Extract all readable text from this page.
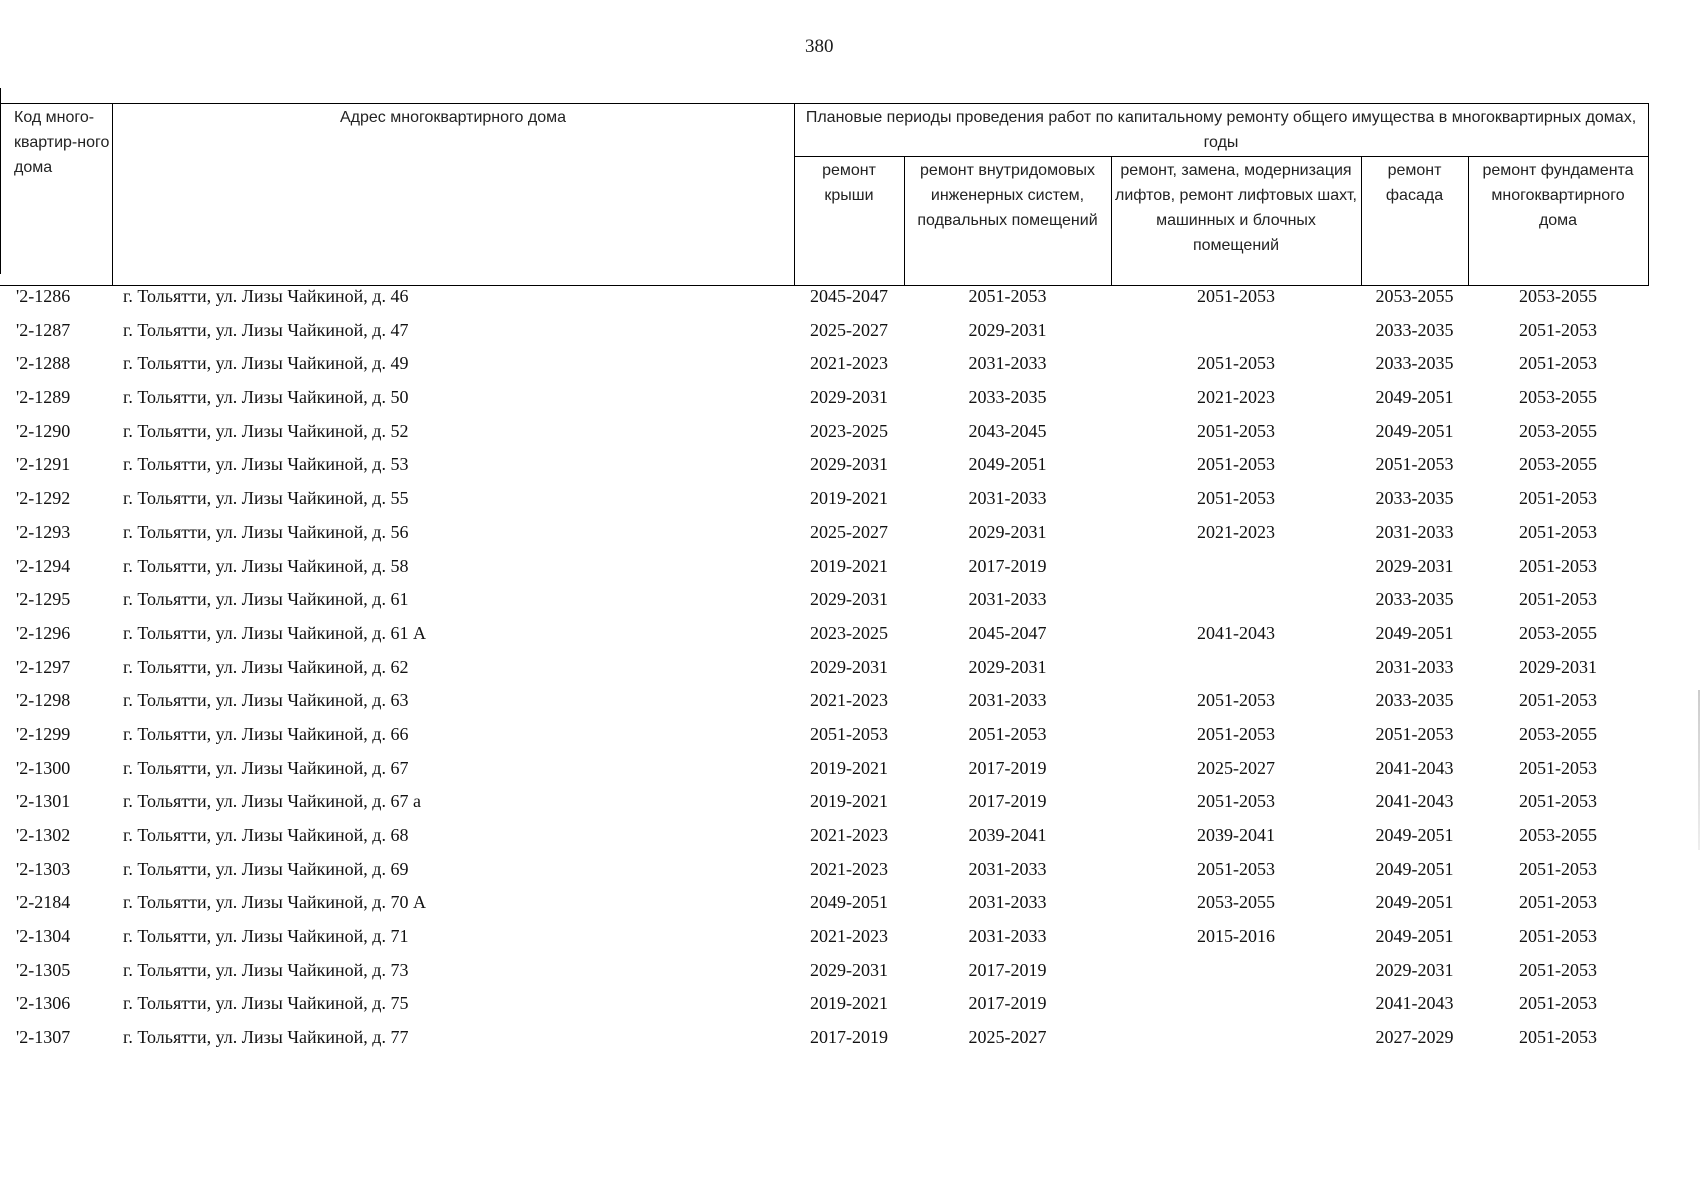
380
Код много-квартир-ного дома	Адрес многоквартирного дома	Плановые периоды проведения работ по капитальному ремонту общего имущества в многоквартирных домах, годы				
		ремонт крыши	ремонт внутридомовых инженерных систем, подвальных помещений	ремонт, замена, модернизация лифтов, ремонт лифтовых шахт, машинных и блочных помещений	ремонт фасада	ремонт фундамента многоквартирного дома
'2-1286	г. Тольятти, ул. Лизы Чайкиной, д. 46	2045-2047	2051-2053	2051-2053	2053-2055	2053-2055
'2-1287	г. Тольятти, ул. Лизы Чайкиной, д. 47	2025-2027	2029-2031		2033-2035	2051-2053
'2-1288	г. Тольятти, ул. Лизы Чайкиной, д. 49	2021-2023	2031-2033	2051-2053	2033-2035	2051-2053
'2-1289	г. Тольятти, ул. Лизы Чайкиной, д. 50	2029-2031	2033-2035	2021-2023	2049-2051	2053-2055
'2-1290	г. Тольятти, ул. Лизы Чайкиной, д. 52	2023-2025	2043-2045	2051-2053	2049-2051	2053-2055
'2-1291	г. Тольятти, ул. Лизы Чайкиной, д. 53	2029-2031	2049-2051	2051-2053	2051-2053	2053-2055
'2-1292	г. Тольятти, ул. Лизы Чайкиной, д. 55	2019-2021	2031-2033	2051-2053	2033-2035	2051-2053
'2-1293	г. Тольятти, ул. Лизы Чайкиной, д. 56	2025-2027	2029-2031	2021-2023	2031-2033	2051-2053
'2-1294	г. Тольятти, ул. Лизы Чайкиной, д. 58	2019-2021	2017-2019		2029-2031	2051-2053
'2-1295	г. Тольятти, ул. Лизы Чайкиной, д. 61	2029-2031	2031-2033		2033-2035	2051-2053
'2-1296	г. Тольятти, ул. Лизы Чайкиной, д. 61 А	2023-2025	2045-2047	2041-2043	2049-2051	2053-2055
'2-1297	г. Тольятти, ул. Лизы Чайкиной, д. 62	2029-2031	2029-2031		2031-2033	2029-2031
'2-1298	г. Тольятти, ул. Лизы Чайкиной, д. 63	2021-2023	2031-2033	2051-2053	2033-2035	2051-2053
'2-1299	г. Тольятти, ул. Лизы Чайкиной, д. 66	2051-2053	2051-2053	2051-2053	2051-2053	2053-2055
'2-1300	г. Тольятти, ул. Лизы Чайкиной, д. 67	2019-2021	2017-2019	2025-2027	2041-2043	2051-2053
'2-1301	г. Тольятти, ул. Лизы Чайкиной, д. 67 а	2019-2021	2017-2019	2051-2053	2041-2043	2051-2053
'2-1302	г. Тольятти, ул. Лизы Чайкиной, д. 68	2021-2023	2039-2041	2039-2041	2049-2051	2053-2055
'2-1303	г. Тольятти, ул. Лизы Чайкиной, д. 69	2021-2023	2031-2033	2051-2053	2049-2051	2051-2053
'2-2184	г. Тольятти, ул. Лизы Чайкиной, д. 70 А	2049-2051	2031-2033	2053-2055	2049-2051	2051-2053
'2-1304	г. Тольятти, ул. Лизы Чайкиной, д. 71	2021-2023	2031-2033	2015-2016	2049-2051	2051-2053
'2-1305	г. Тольятти, ул. Лизы Чайкиной, д. 73	2029-2031	2017-2019		2029-2031	2051-2053
'2-1306	г. Тольятти, ул. Лизы Чайкиной, д. 75	2019-2021	2017-2019		2041-2043	2051-2053
'2-1307	г. Тольятти, ул. Лизы Чайкиной, д. 77	2017-2019	2025-2027		2027-2029	2051-2053
